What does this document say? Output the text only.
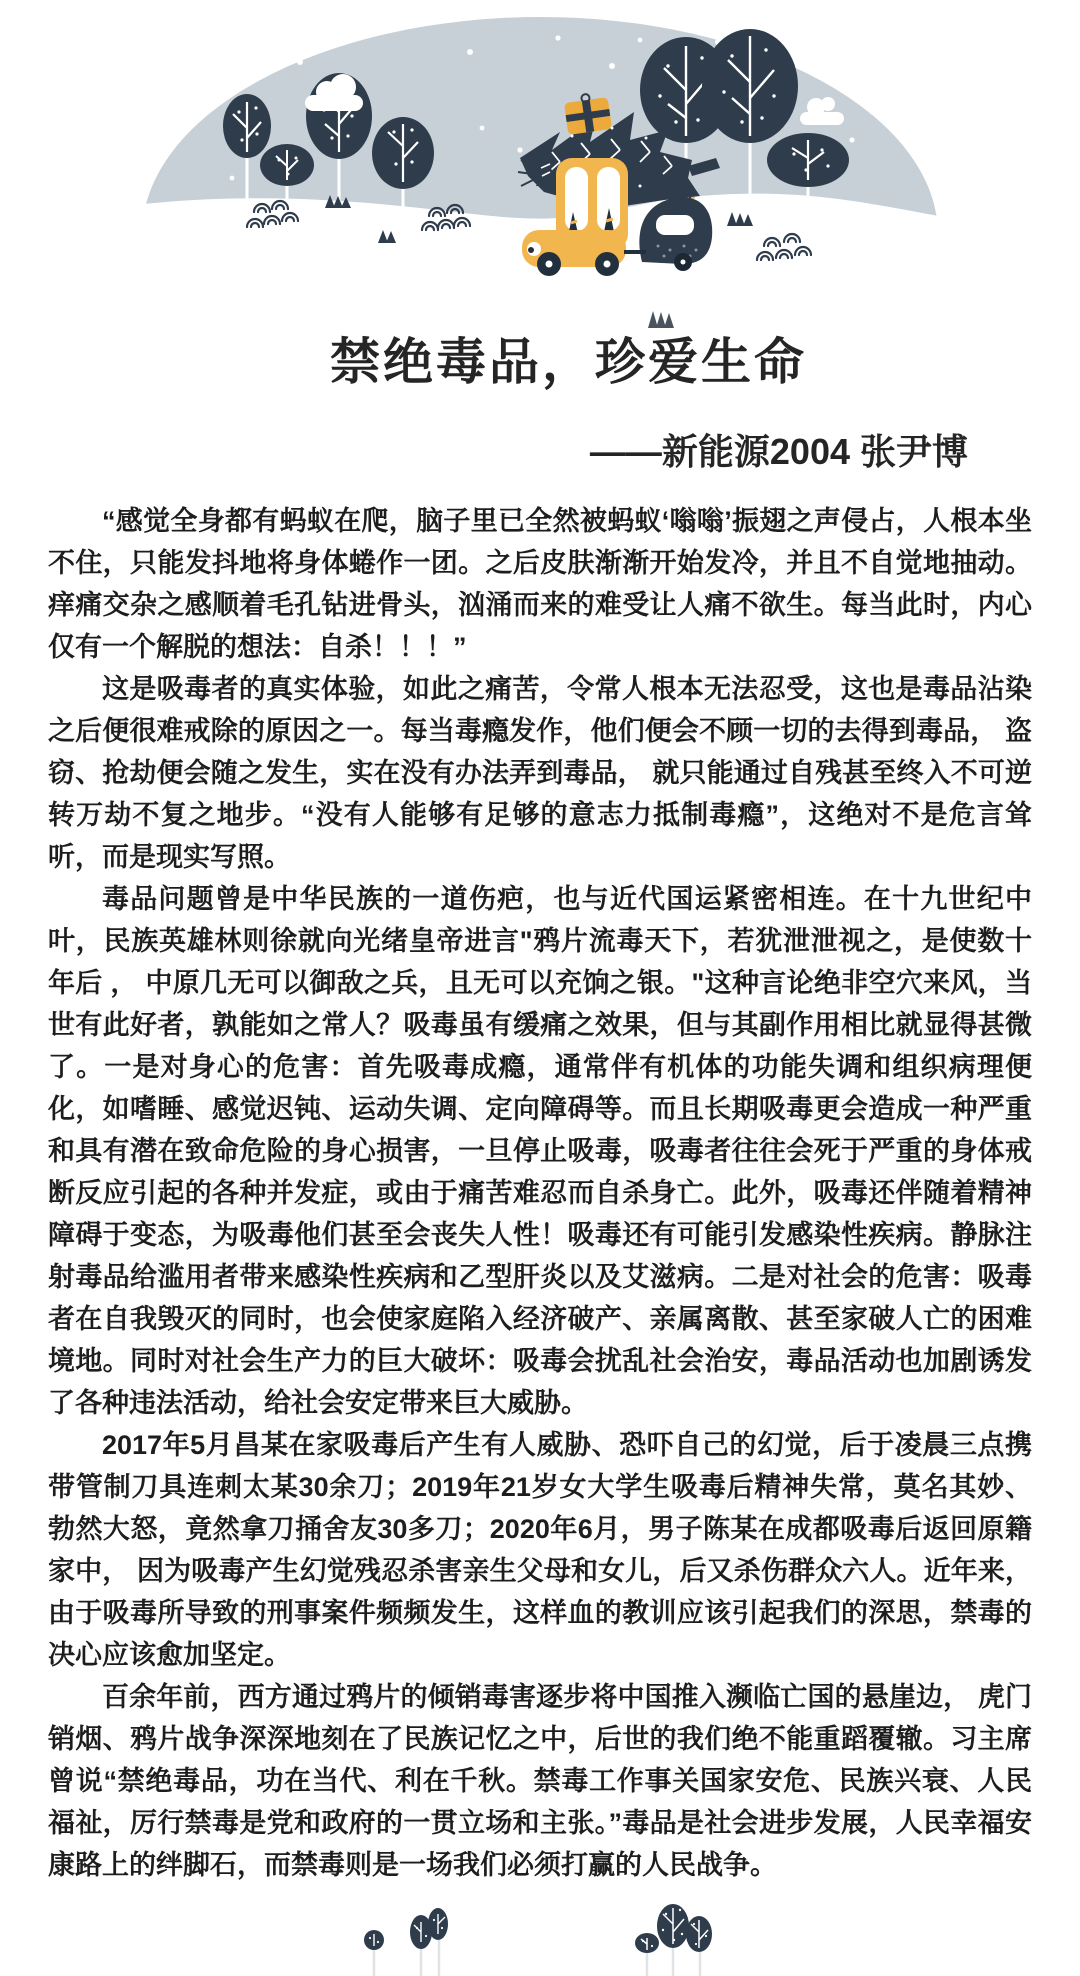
禁绝毒品，珍爱生命
——新能源2004 张尹博

“感觉全身都有蚂蚁在爬，脑子里已全然被蚂蚁‘嗡嗡’振翅之声侵占，人根本坐不住，只能发抖地将身体蜷作一团。之后皮肤渐渐开始发冷，并且不自觉地抽动。痒痛交杂之感顺着毛孔钻进骨头，汹涌而来的难受让人痛不欲生。每当此时，内心仅有一个解脱的想法：自杀！！！”

这是吸毒者的真实体验，如此之痛苦，令常人根本无法忍受，这也是毒品沾染之后便很难戒除的原因之一。每当毒瘾发作，他们便会不顾一切的去得到毒品， 盗窃、抢劫便会随之发生，实在没有办法弄到毒品， 就只能通过自残甚至终入不可逆转万劫不复之地步。“没有人能够有足够的意志力抵制毒瘾”，这绝对不是危言耸听，而是现实写照。

毒品问题曾是中华民族的一道伤疤，也与近代国运紧密相连。在十九世纪中叶，民族英雄林则徐就向光绪皇帝进言"鸦片流毒天下，若犹泄泄视之，是使数十年后 ， 中原几无可以御敌之兵，且无可以充饷之银。"这种言论绝非空穴来风，当世有此好者，孰能如之常人？吸毒虽有缓痛之效果，但与其副作用相比就显得甚微了。一是对身心的危害：首先吸毒成瘾，通常伴有机体的功能失调和组织病理便化，如嗜睡、感觉迟钝、运动失调、定向障碍等。而且长期吸毒更会造成一种严重和具有潜在致命危险的身心损害，一旦停止吸毒，吸毒者往往会死于严重的身体戒断反应引起的各种并发症，或由于痛苦难忍而自杀身亡。此外，吸毒还伴随着精神障碍于变态，为吸毒他们甚至会丧失人性！吸毒还有可能引发感染性疾病。静脉注射毒品给滥用者带来感染性疾病和乙型肝炎以及艾滋病。二是对社会的危害：吸毒者在自我毁灭的同时，也会使家庭陷入经济破产、亲属离散、甚至家破人亡的困难境地。同时对社会生产力的巨大破坏：吸毒会扰乱社会治安，毒品活动也加剧诱发了各种违法活动，给社会安定带来巨大威胁。

2017年5月昌某在家吸毒后产生有人威胁、恐吓自己的幻觉，后于凌晨三点携带管制刀具连刺太某30余刀；2019年21岁女大学生吸毒后精神失常，莫名其妙、勃然大怒，竟然拿刀捅舍友30多刀；2020年6月，男子陈某在成都吸毒后返回原籍家中， 因为吸毒产生幻觉残忍杀害亲生父母和女儿，后又杀伤群众六人。近年来，由于吸毒所导致的刑事案件频频发生，这样血的教训应该引起我们的深思，禁毒的决心应该愈加坚定。

百余年前，西方通过鸦片的倾销毒害逐步将中国推入濒临亡国的悬崖边， 虎门销烟、鸦片战争深深地刻在了民族记忆之中，后世的我们绝不能重蹈覆辙。习主席曾说“禁绝毒品，功在当代、利在千秋。禁毒工作事关国家安危、民族兴衰、人民福祉，厉行禁毒是党和政府的一贯立场和主张。”毒品是社会进步发展，人民幸福安康路上的绊脚石，而禁毒则是一场我们必须打赢的人民战争。
